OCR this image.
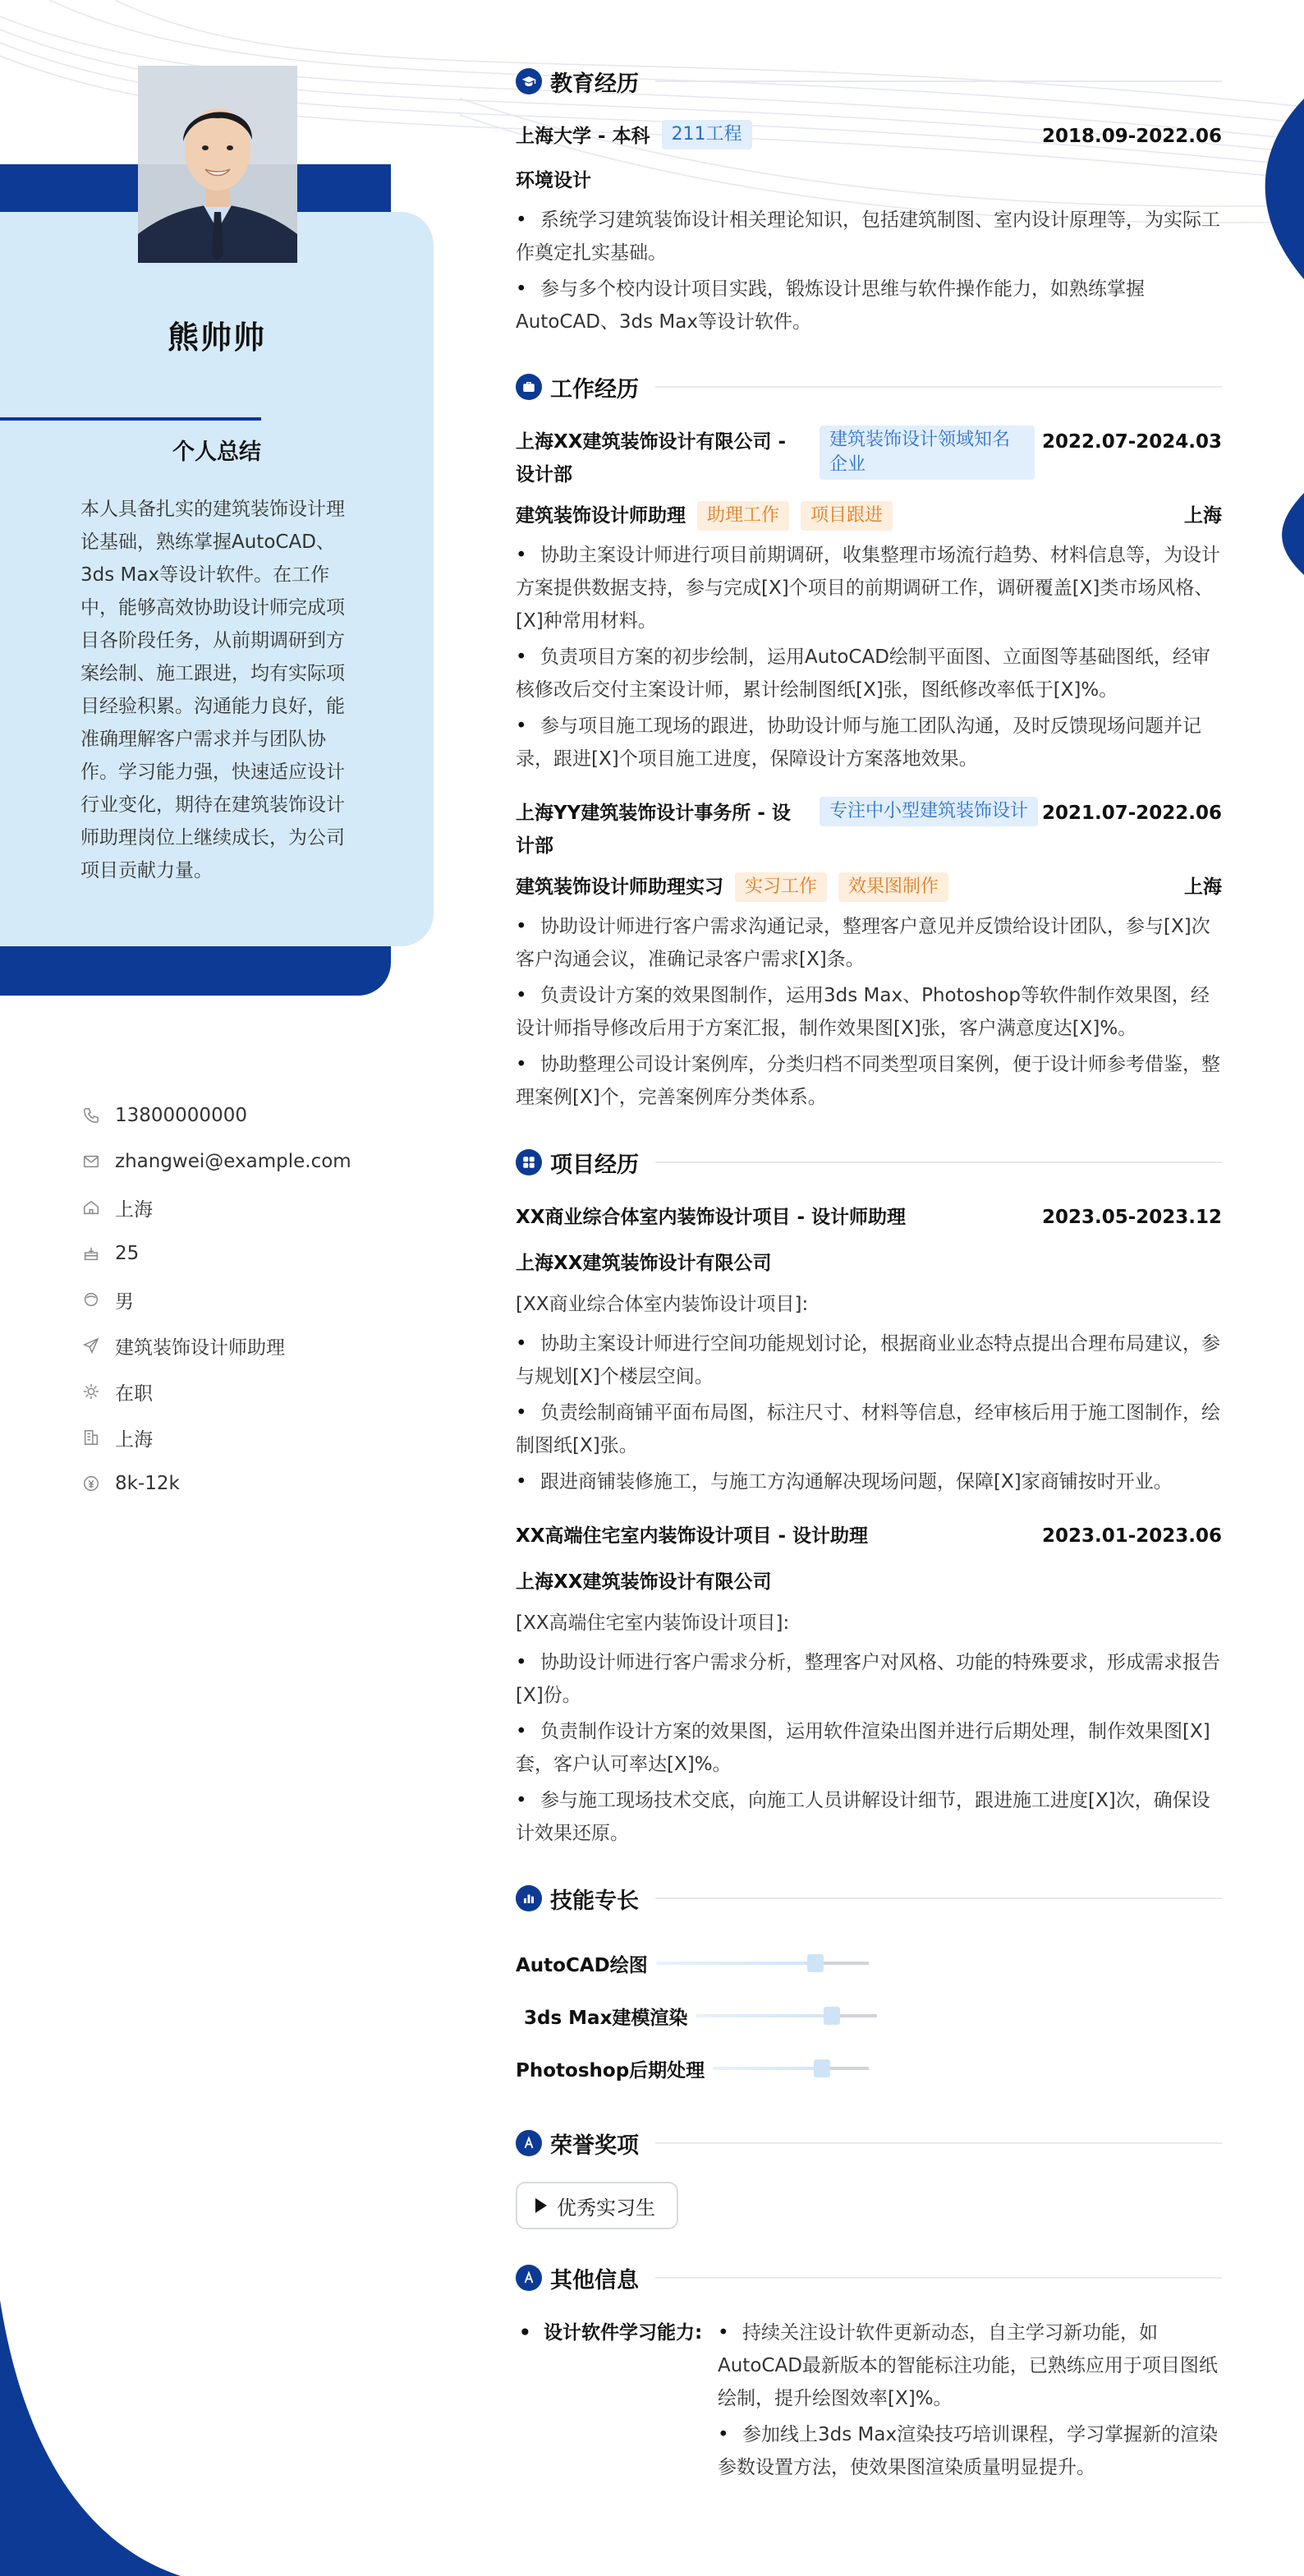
熊帅帅
个人总结
本人具备扎实的建筑装饰设计理论基础，熟练掌握AutoCAD、3ds Max等设计软件。在工作中，能够高效协助设计师完成项目各阶段任务，从前期调研到方案绘制、施工跟进，均有实际项目经验积累。沟通能力良好，能准确理解客户需求并与团队协作。学习能力强，快速适应设计行业变化，期待在建筑装饰设计师助理岗位上继续成长，为公司项目贡献力量。
13800000000
zhangwei@example.com
上海
25
男
建筑装饰设计师助理
在职
上海
8k-12k
教育经历
上海大学 - 本科	211工程	2018.09-2022.06
环境设计
• 系统学习建筑装饰设计相关理论知识，包括建筑制图、室内设计原理等，为实际工作奠定扎实基础。
• 参与多个校内设计项目实践，锻炼设计思维与软件操作能力，如熟练掌握AutoCAD、3ds Max等设计软件。
工作经历
上海XX建筑装饰设计有限公司 - 设计部
建筑装饰设计领域知名企业
2022.07-2024.03
建筑装饰设计师助理	助理工作	项目跟进	上海
• 协助主案设计师进行项目前期调研，收集整理市场流行趋势、材料信息等，为设计方案提供数据支持，参与完成[X]个项目的前期调研工作，调研覆盖[X]类市场风格、[X]种常用材料。
• 负责项目方案的初步绘制，运用AutoCAD绘制平面图、立面图等基础图纸，经审核修改后交付主案设计师，累计绘制图纸[X]张，图纸修改率低于[X]%。
• 参与项目施工现场的跟进，协助设计师与施工团队沟通，及时反馈现场问题并记录，跟进[X]个项目施工进度，保障设计方案落地效果。
上海YY建筑装饰设计事务所 - 设计部
专注中小型建筑装饰设计 2021.07-2022.06
建筑装饰设计师助理实习	实习工作	效果图制作	上海
• 协助设计师进行客户需求沟通记录，整理客户意见并反馈给设计团队，参与[X]次客户沟通会议，准确记录客户需求[X]条。
• 负责设计方案的效果图制作，运用3ds Max、Photoshop等软件制作效果图，经设计师指导修改后用于方案汇报，制作效果图[X]张，客户满意度达[X]%。
• 协助整理公司设计案例库，分类归档不同类型项目案例，便于设计师参考借鉴，整理案例[X]个，完善案例库分类体系。
项目经历
XX商业综合体室内装饰设计项目 - 设计师助理	2023.05-2023.12
上海XX建筑装饰设计有限公司
[XX商业综合体室内装饰设计项目]:
• 协助主案设计师进行空间功能规划讨论，根据商业业态特点提出合理布局建议，参与规划[X]个楼层空间。
• 负责绘制商铺平面布局图，标注尺寸、材料等信息，经审核后用于施工图制作，绘制图纸[X]张。
• 跟进商铺装修施工，与施工方沟通解决现场问题，保障[X]家商铺按时开业。
XX高端住宅室内装饰设计项目 - 设计助理	2023.01-2023.06
上海XX建筑装饰设计有限公司
[XX高端住宅室内装饰设计项目]:
• 协助设计师进行客户需求分析，整理客户对风格、功能的特殊要求，形成需求报告[X]份。
• 负责制作设计方案的效果图，运用软件渲染出图并进行后期处理，制作效果图[X]套，客户认可率达[X]%。
• 参与施工现场技术交底，向施工人员讲解设计细节，跟进施工进度[X]次，确保设计效果还原。
技能专长
AutoCAD绘图
3ds Max建模渲染
Photoshop后期处理
荣誉奖项
优秀实习生
其他信息
• 设计软件学习能力:
•	持续关注设计软件更新动态，自主学习新功能，如AutoCAD最新版本的智能标注功能，已熟练应用于项目图纸绘制，提升绘图效率[X]%。
• 参加线上3ds Max渲染技巧培训课程，学习掌握新的渲染参数设置方法，使效果图渲染质量明显提升。
